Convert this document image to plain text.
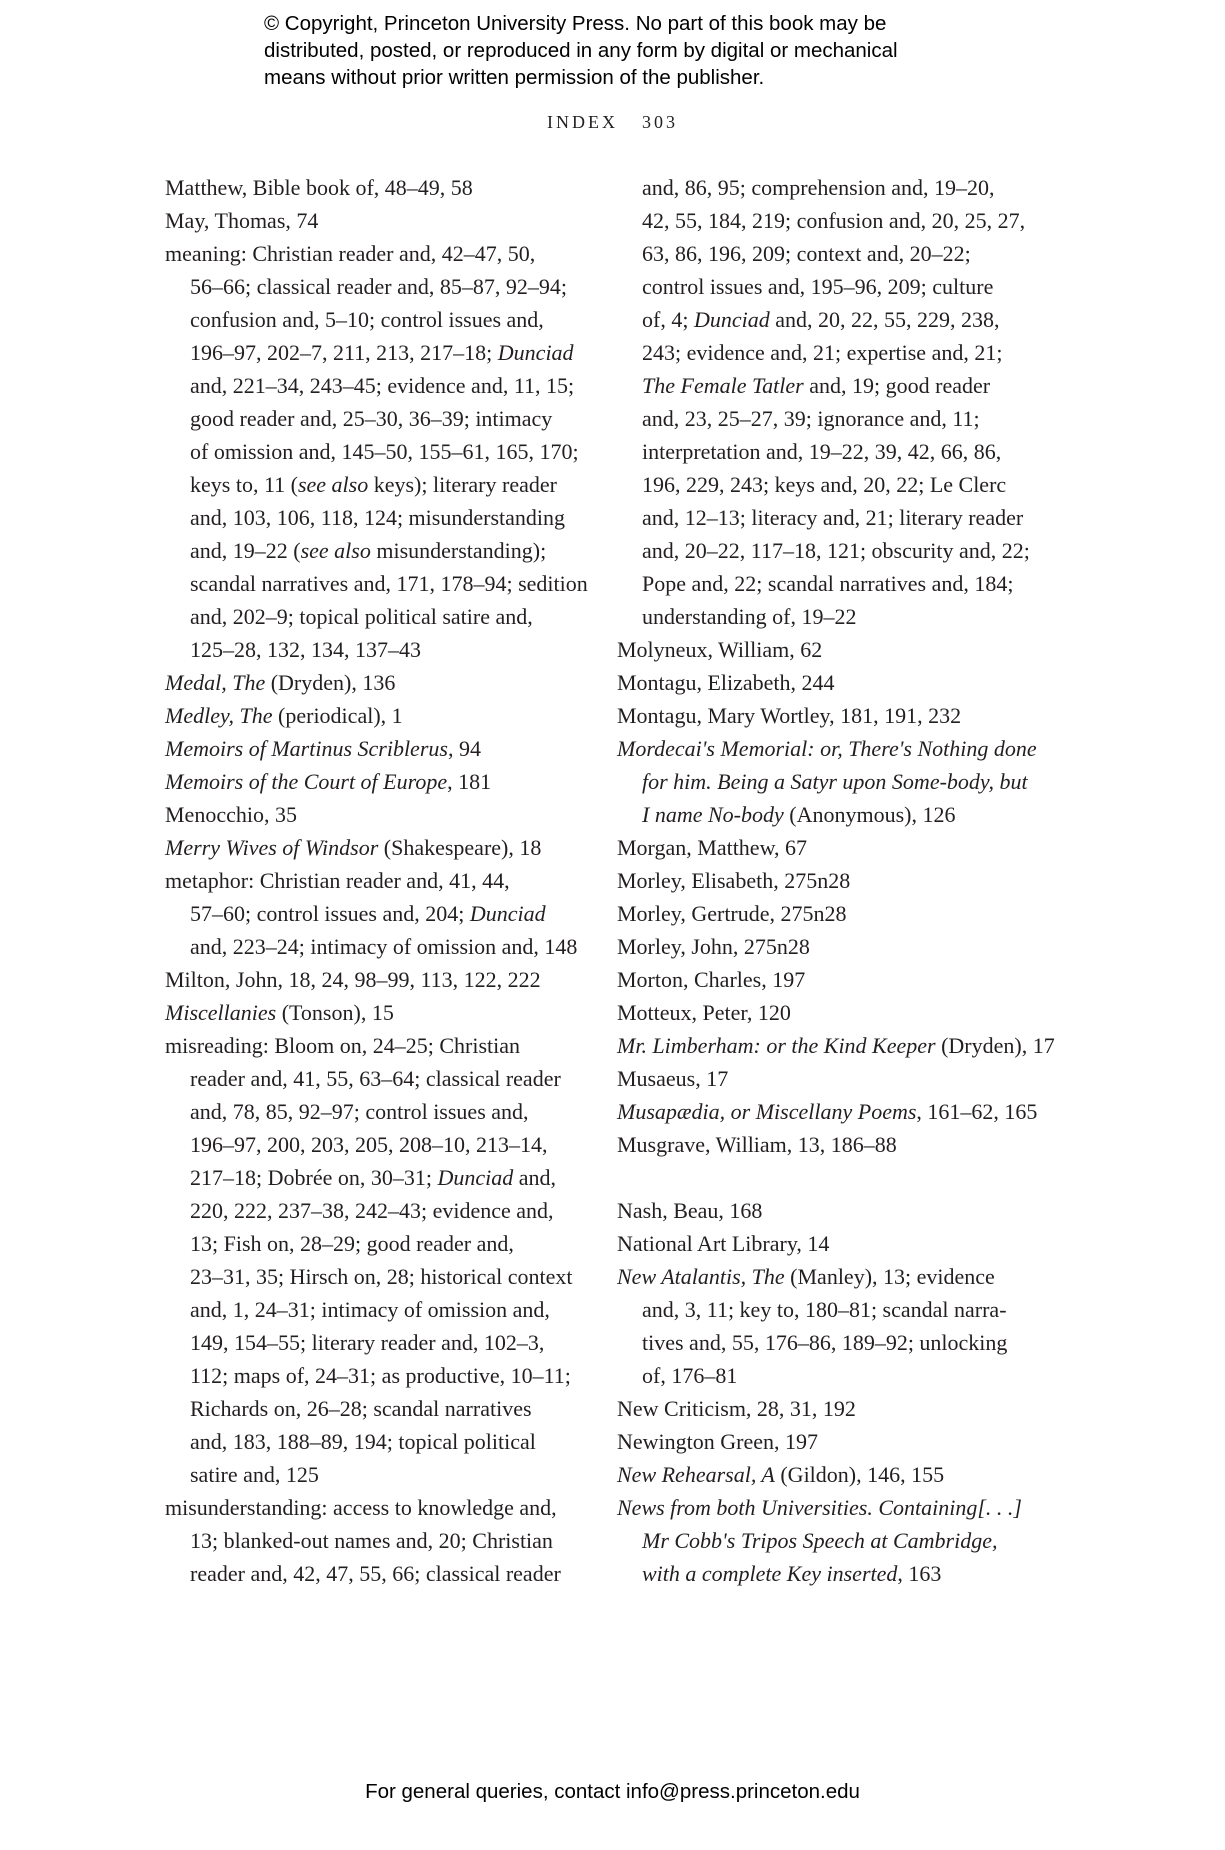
© Copyright, Princeton University Press. No part of this book may be
distributed, posted, or reproduced in any form by digital or mechanical
means without prior written permission of the publisher.
INDEX 303
Matthew, Bible book of, 48–49, 58
May, Thomas, 74
meaning: Christian reader and, 42–47, 50,
56–66; classical reader and, 85–87, 92–94;
confusion and, 5–10; control issues and,
196–97, 202–7, 211, 213, 217–18; Dunciad
and, 221–34, 243–45; evidence and, 11, 15;
good reader and, 25–30, 36–39; intimacy
of omission and, 145–50, 155–61, 165, 170;
keys to, 11 (see also keys); literary reader
and, 103, 106, 118, 124; misunderstanding
and, 19–22 (see also misunderstanding);
scandal narratives and, 171, 178–94; sedition
and, 202–9; topical political satire and,
125–28, 132, 134, 137–43
Medal, The (Dryden), 136
Medley, The (periodical), 1
Memoirs of Martinus Scriblerus, 94
Memoirs of the Court of Europe, 181
Menocchio, 35
Merry Wives of Windsor (Shakespeare), 18
metaphor: Christian reader and, 41, 44,
57–60; control issues and, 204; Dunciad
and, 223–24; intimacy of omission and, 148
Milton, John, 18, 24, 98–99, 113, 122, 222
Miscellanies (Tonson), 15
misreading: Bloom on, 24–25; Christian
reader and, 41, 55, 63–64; classical reader
and, 78, 85, 92–97; control issues and,
196–97, 200, 203, 205, 208–10, 213–14,
217–18; Dobrée on, 30–31; Dunciad and,
220, 222, 237–38, 242–43; evidence and,
13; Fish on, 28–29; good reader and,
23–31, 35; Hirsch on, 28; historical context
and, 1, 24–31; intimacy of omission and,
149, 154–55; literary reader and, 102–3,
112; maps of, 24–31; as productive, 10–11;
Richards on, 26–28; scandal narratives
and, 183, 188–89, 194; topical political
satire and, 125
misunderstanding: access to knowledge and,
13; blanked-out names and, 20; Christian
reader and, 42, 47, 55, 66; classical reader
and, 86, 95; comprehension and, 19–20,
42, 55, 184, 219; confusion and, 20, 25, 27,
63, 86, 196, 209; context and, 20–22;
control issues and, 195–96, 209; culture
of, 4; Dunciad and, 20, 22, 55, 229, 238,
243; evidence and, 21; expertise and, 21;
The Female Tatler and, 19; good reader
and, 23, 25–27, 39; ignorance and, 11;
interpretation and, 19–22, 39, 42, 66, 86,
196, 229, 243; keys and, 20, 22; Le Clerc
and, 12–13; literacy and, 21; literary reader
and, 20–22, 117–18, 121; obscurity and, 22;
Pope and, 22; scandal narratives and, 184;
understanding of, 19–22
Molyneux, William, 62
Montagu, Elizabeth, 244
Montagu, Mary Wortley, 181, 191, 232
Mordecai's Memorial: or, There's Nothing done
for him. Being a Satyr upon Some-body, but
I name No-body (Anonymous), 126
Morgan, Matthew, 67
Morley, Elisabeth, 275n28
Morley, Gertrude, 275n28
Morley, John, 275n28
Morton, Charles, 197
Motteux, Peter, 120
Mr. Limberham: or the Kind Keeper (Dryden), 17
Musaeus, 17
Musapædia, or Miscellany Poems, 161–62, 165
Musgrave, William, 13, 186–88
Nash, Beau, 168
National Art Library, 14
New Atalantis, The (Manley), 13; evidence
and, 3, 11; key to, 180–81; scandal narra-
tives and, 55, 176–86, 189–92; unlocking
of, 176–81
New Criticism, 28, 31, 192
Newington Green, 197
New Rehearsal, A (Gildon), 146, 155
News from both Universities. Containing[. . .]
Mr Cobb's Tripos Speech at Cambridge,
with a complete Key inserted, 163
For general queries, contact info@press.princeton.edu
